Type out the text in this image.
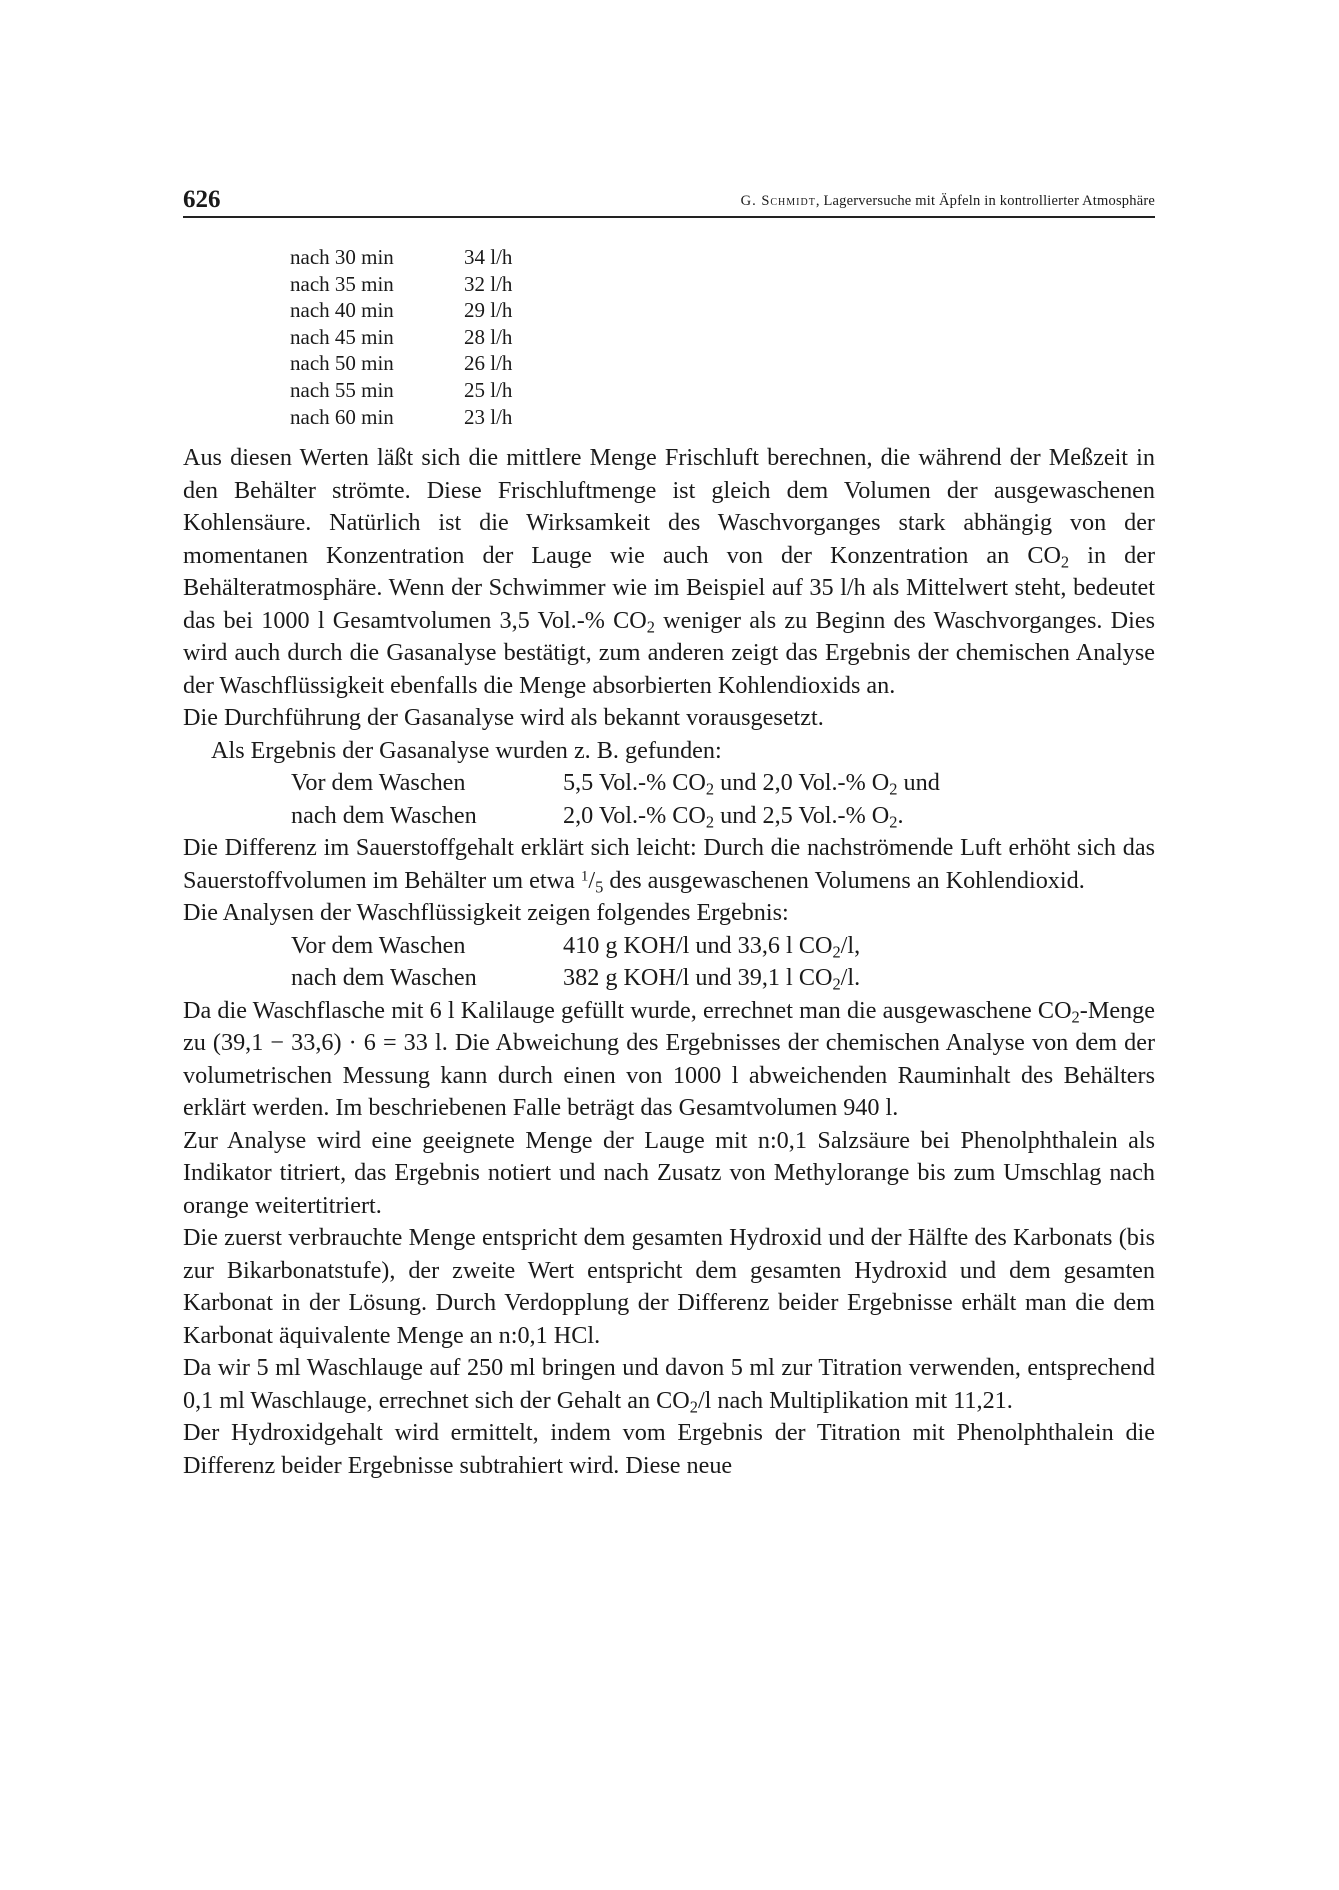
626	G. Schmidt, Lagerversuche mit Äpfeln in kontrollierter Atmosphäre
nach 30 min	34 l/h
nach 35 min	32 l/h
nach 40 min	29 l/h
nach 45 min	28 l/h
nach 50 min	26 l/h
nach 55 min	25 l/h
nach 60 min	23 l/h

Aus diesen Werten läßt sich die mittlere Menge Frischluft berechnen, die während der Meßzeit in den Behälter strömte. Diese Frischluftmenge ist gleich dem Volumen der ausgewaschenen Kohlensäure. Natürlich ist die Wirksamkeit des Waschvorganges stark abhängig von der momentanen Konzentration der Lauge wie auch von der Konzentration an $CO_2$ in der Behälteratmosphäre. Wenn der Schwimmer wie im Beispiel auf 35 l/h als Mittelwert steht, bedeutet das bei 1000 l Gesamtvolumen 3,5 Vol.-% $CO_2$ weniger als zu Beginn des Waschvorganges. Dies wird auch durch die Gasanalyse bestätigt, zum anderen zeigt das Ergebnis der chemischen Analyse der Waschflüssigkeit ebenfalls die Menge absorbierten Kohlendioxids an.

Die Durchführung der Gasanalyse wird als bekannt vorausgesetzt.

Als Ergebnis der Gasanalyse wurden z. B. gefunden:

Vor dem Waschen	5,5 Vol.-% $CO_2$ und 2,0 Vol.-% $O_2$ und
nach dem Waschen	2,0 Vol.-% $CO_2$ und 2,5 Vol.-% $O_2$.

Die Differenz im Sauerstoffgehalt erklärt sich leicht: Durch die nachströmende Luft erhöht sich das Sauerstoffvolumen im Behälter um etwa $^1/_5$ des ausgewaschenen Volumens an Kohlendioxid.

Die Analysen der Waschflüssigkeit zeigen folgendes Ergebnis:

Vor dem Waschen	410 g KOH/l und 33,6 l $CO_2/l$,
nach dem Waschen	382 g KOH/l und 39,1 l $CO_2/l$.

Da die Waschflasche mit 6 l Kalilauge gefüllt wurde, errechnet man die ausgewaschene $CO_2$-Menge zu (39,1 − 33,6) · 6 = 33 l. Die Abweichung des Ergebnisses der chemischen Analyse von dem der volumetrischen Messung kann durch einen von 1000 l abweichenden Rauminhalt des Behälters erklärt werden. Im beschriebenen Falle beträgt das Gesamtvolumen 940 l.

Zur Analyse wird eine geeignete Menge der Lauge mit n:0,1 Salzsäure bei Phenolphthalein als Indikator titriert, das Ergebnis notiert und nach Zusatz von Methylorange bis zum Umschlag nach orange weitertitriert.

Die zuerst verbrauchte Menge entspricht dem gesamten Hydroxid und der Hälfte des Karbonats (bis zur Bikarbonatstufe), der zweite Wert entspricht dem gesamten Hydroxid und dem gesamten Karbonat in der Lösung. Durch Verdopplung der Differenz beider Ergebnisse erhält man die dem Karbonat äquivalente Menge an n:0,1 HCl.

Da wir 5 ml Waschlauge auf 250 ml bringen und davon 5 ml zur Titration verwenden, entsprechend 0,1 ml Waschlauge, errechnet sich der Gehalt an $CO_2/l$ nach Multiplikation mit 11,21.

Der Hydroxidgehalt wird ermittelt, indem vom Ergebnis der Titration mit Phenolphthalein die Differenz beider Ergebnisse subtrahiert wird. Diese neue
